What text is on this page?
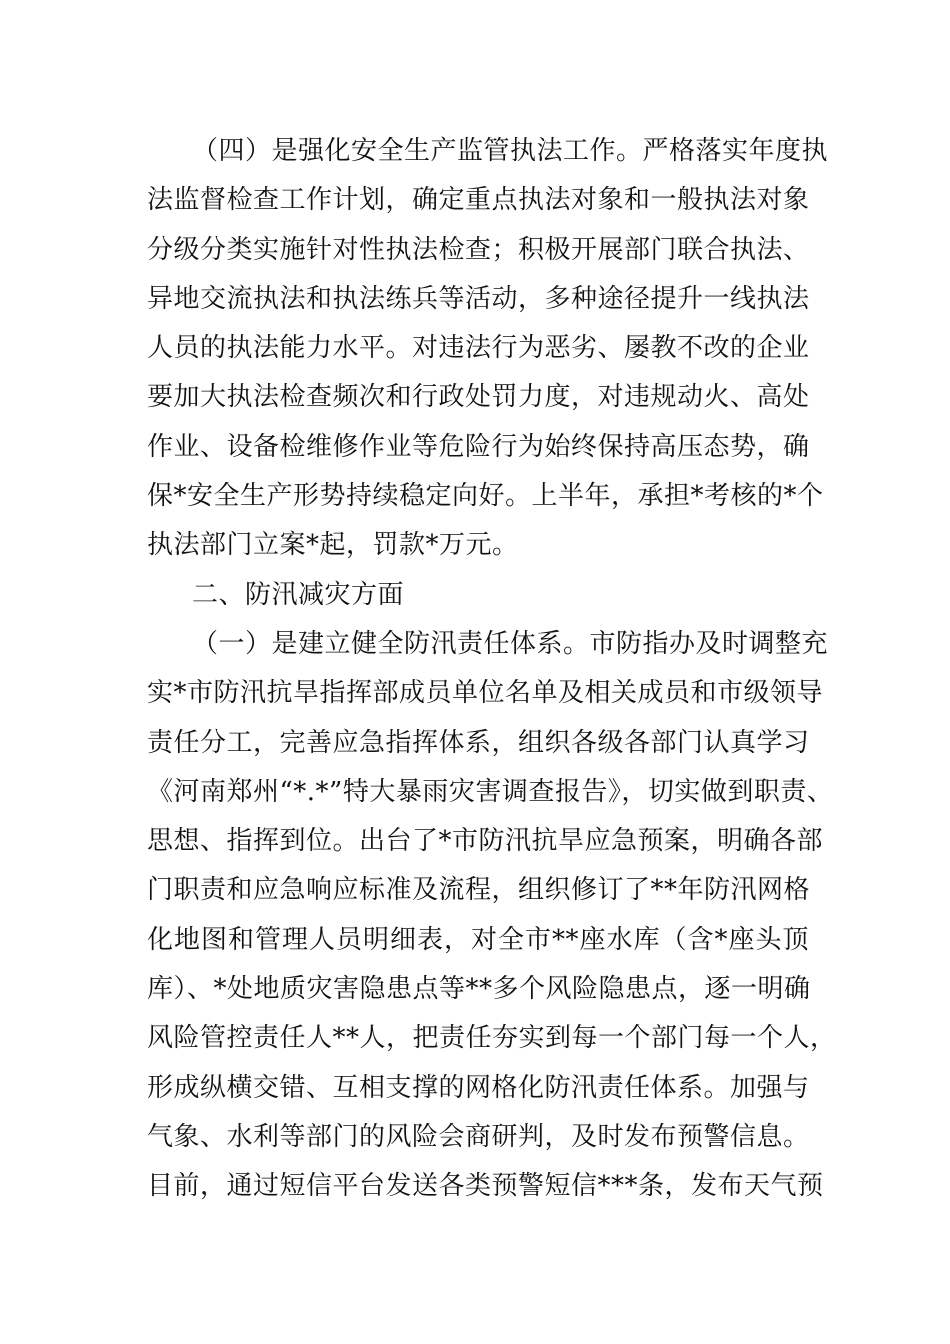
（四）是强化安全生产监管执法工作。严格落实年度执
法监督检查工作计划，确定重点执法对象和一般执法对象
分级分类实施针对性执法检查；积极开展部门联合执法、
异地交流执法和执法练兵等活动，多种途径提升一线执法
人员的执法能力水平。对违法行为恶劣、屡教不改的企业
要加大执法检查频次和行政处罚力度，对违规动火、高处
作业、设备检维修作业等危险行为始终保持高压态势，确
保*安全生产形势持续稳定向好。上半年，承担*考核的*个
执法部门立案*起，罚款*万元。
二、防汛减灾方面
（一）是建立健全防汛责任体系。市防指办及时调整充
实*市防汛抗旱指挥部成员单位名单及相关成员和市级领导
责任分工，完善应急指挥体系，组织各级各部门认真学习
《河南郑州“*.*”特大暴雨灾害调查报告》，切实做到职责、
思想、指挥到位。出台了*市防汛抗旱应急预案，明确各部
门职责和应急响应标准及流程，组织修订了**年防汛网格
化地图和管理人员明细表，对全市**座水库（含*座头顶
库）、*处地质灾害隐患点等**多个风险隐患点，逐一明确
风险管控责任人**人，把责任夯实到每一个部门每一个人，
形成纵横交错、互相支撑的网格化防汛责任体系。加强与
气象、水利等部门的风险会商研判，及时发布预警信息。
目前，通过短信平台发送各类预警短信***条，发布天气预
